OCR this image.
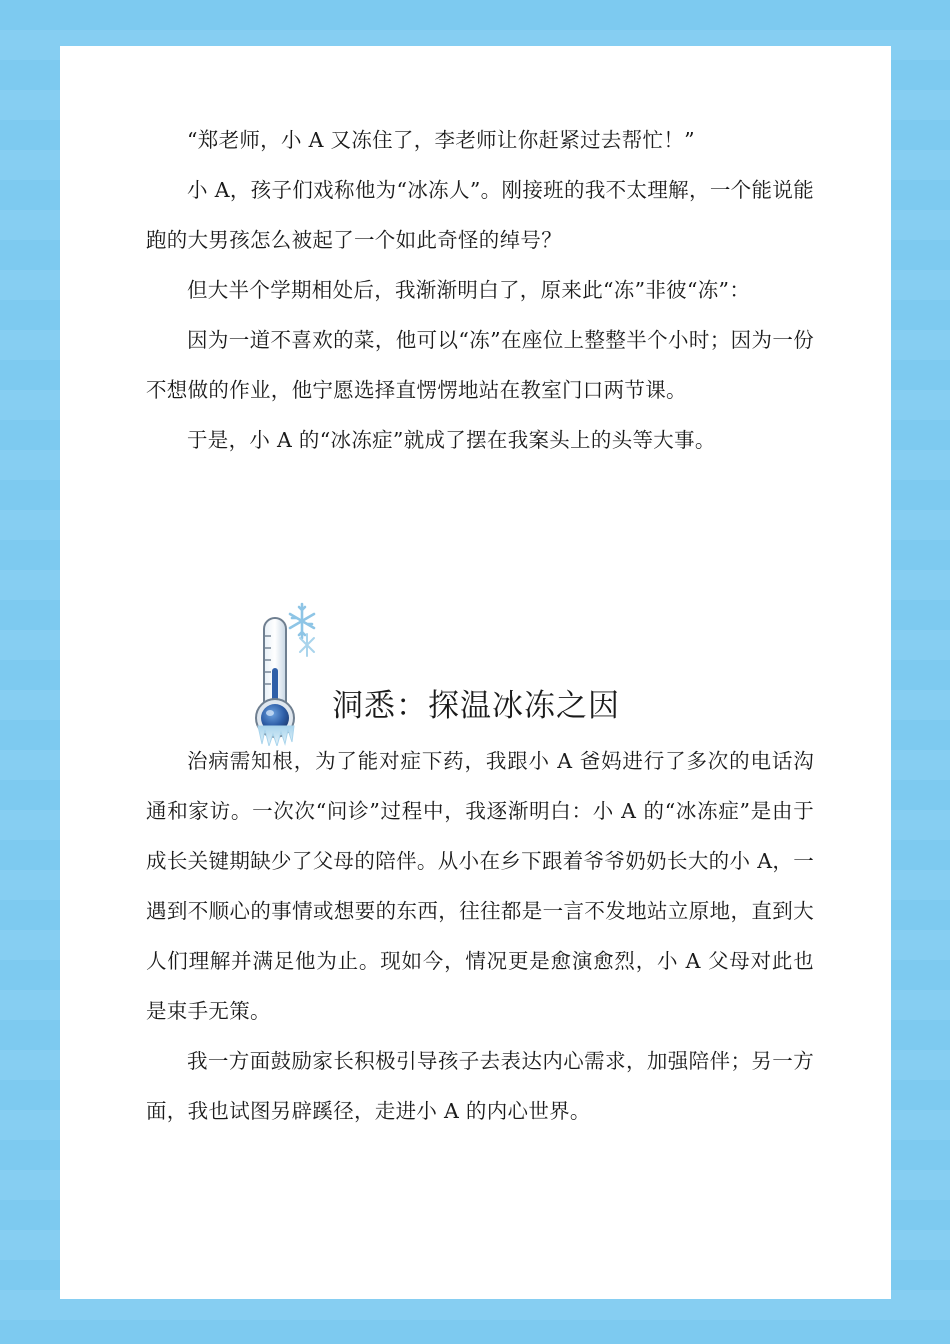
“郑老师，小 A 又冻住了，李老师让你赶紧过去帮忙！”

小 A，孩子们戏称他为“冰冻人”。刚接班的我不太理解，一个能说能跑的大男孩怎么被起了一个如此奇怪的绰号？

但大半个学期相处后，我渐渐明白了，原来此“冻”非彼“冻”：

因为一道不喜欢的菜，他可以“冻”在座位上整整半个小时；因为一份不想做的作业，他宁愿选择直愣愣地站在教室门口两节课。

于是，小 A 的“冰冻症”就成了摆在我案头上的头等大事。

洞悉：探温冰冻之因

治病需知根，为了能对症下药，我跟小 A 爸妈进行了多次的电话沟通和家访。一次次“问诊”过程中，我逐渐明白：小 A 的“冰冻症”是由于成长关键期缺少了父母的陪伴。从小在乡下跟着爷爷奶奶长大的小 A，一遇到不顺心的事情或想要的东西，往往都是一言不发地站立原地，直到大人们理解并满足他为止。现如今，情况更是愈演愈烈，小 A 父母对此也是束手无策。

我一方面鼓励家长积极引导孩子去表达内心需求，加强陪伴；另一方面，我也试图另辟蹊径，走进小 A 的内心世界。
